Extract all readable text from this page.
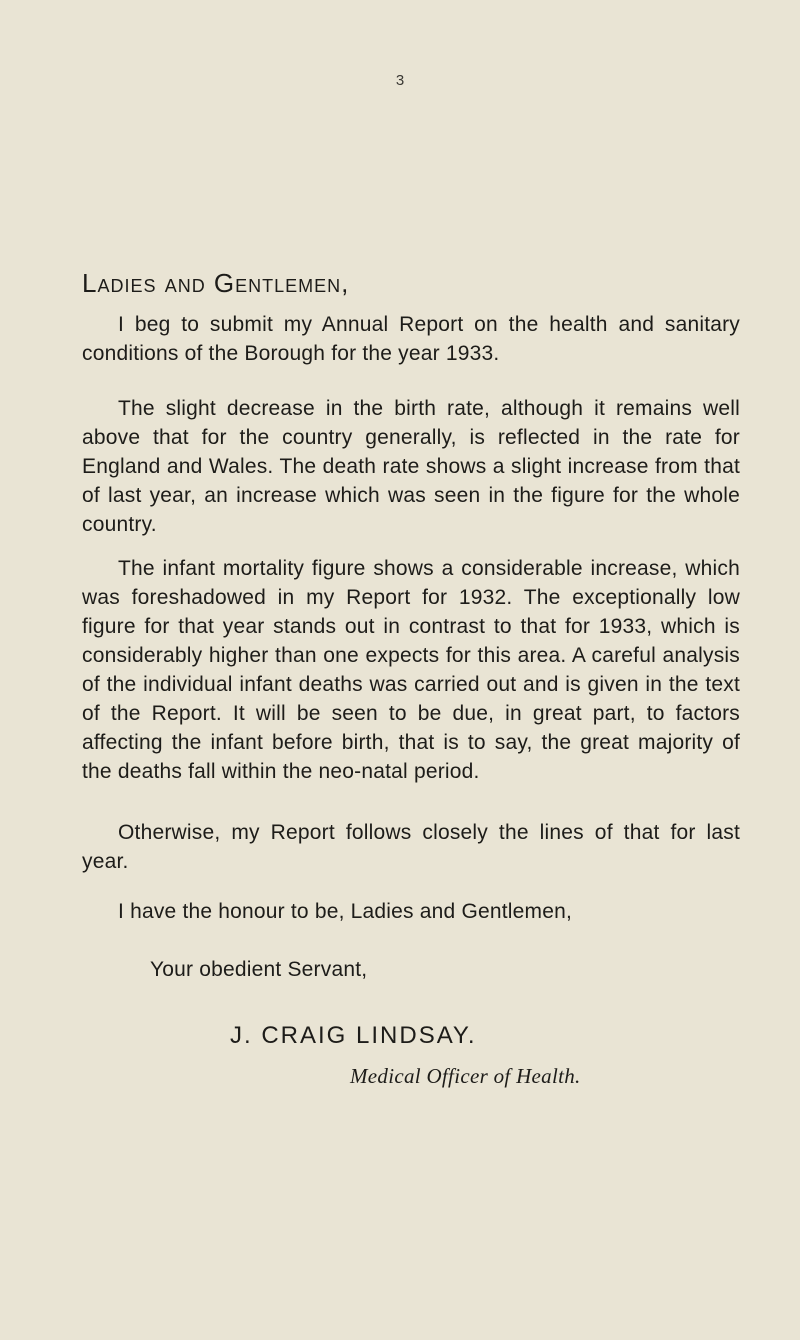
3
Ladies and Gentlemen,
I beg to submit my Annual Report on the health and sanitary conditions of the Borough for the year 1933.
The slight decrease in the birth rate, although it remains well above that for the country generally, is reflected in the rate for England and Wales. The death rate shows a slight increase from that of last year, an increase which was seen in the figure for the whole country.
The infant mortality figure shows a considerable increase, which was foreshadowed in my Report for 1932. The exceptionally low figure for that year stands out in contrast to that for 1933, which is considerably higher than one expects for this area. A careful analysis of the individual infant deaths was carried out and is given in the text of the Report. It will be seen to be due, in great part, to factors affecting the infant before birth, that is to say, the great majority of the deaths fall within the neo-natal period.
Otherwise, my Report follows closely the lines of that for last year.
I have the honour to be, Ladies and Gentlemen,
Your obedient Servant,
J. CRAIG LINDSAY.
Medical Officer of Health.
